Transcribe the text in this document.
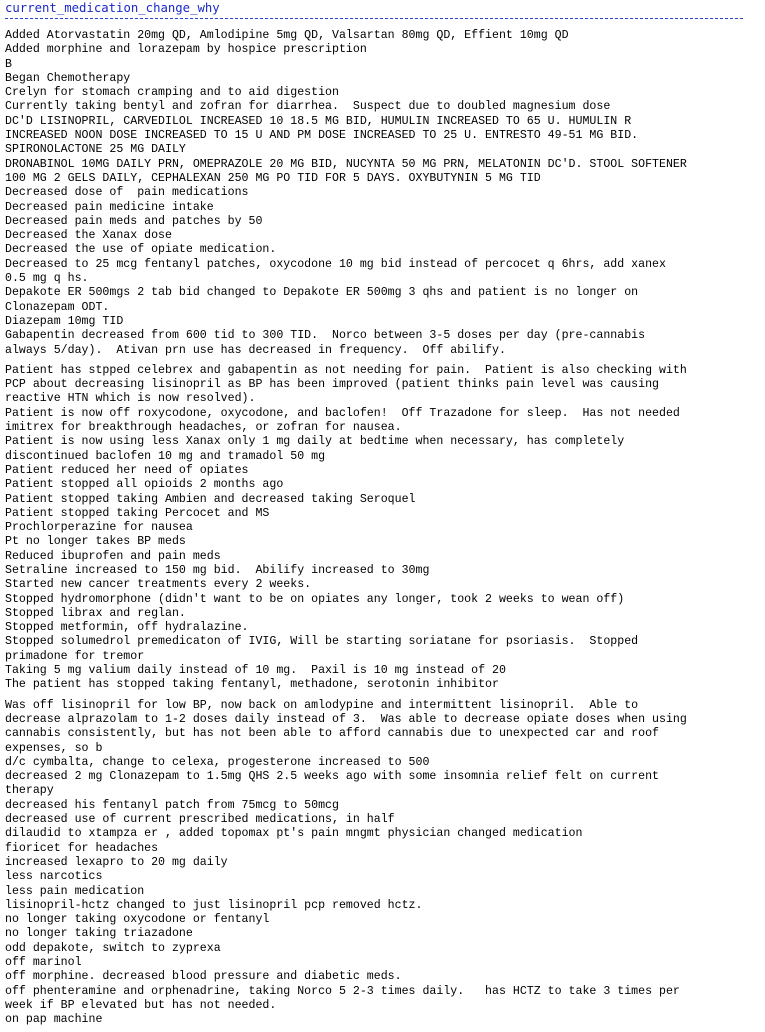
current_medication_change_why
Added Atorvastatin 20mg QD, Amlodipine 5mg QD, Valsartan 80mg QD, Effient 10mg QD
Added morphine and lorazepam by hospice prescription
B
Began Chemotherapy
Crelyn for stomach cramping and to aid digestion
Currently taking bentyl and zofran for diarrhea.  Suspect due to doubled magnesium dose
DC'D LISINOPRIL, CARVEDILOL INCREASED 10 18.5 MG BID, HUMULIN INCREASED TO 65 U. HUMULIN R
INCREASED NOON DOSE INCREASED TO 15 U AND PM DOSE INCREASED TO 25 U. ENTRESTO 49-51 MG BID.
SPIRONOLACTONE 25 MG DAILY
DRONABINOL 10MG DAILY PRN, OMEPRAZOLE 20 MG BID, NUCYNTA 50 MG PRN, MELATONIN DC'D. STOOL SOFTENER
100 MG 2 GELS DAILY, CEPHALEXAN 250 MG PO TID FOR 5 DAYS. OXYBUTYNIN 5 MG TID
Decreased dose of  pain medications
Decreased pain medicine intake
Decreased pain meds and patches by 50
Decreased the Xanax dose
Decreased the use of opiate medication.
Decreased to 25 mcg fentanyl patches, oxycodone 10 mg bid instead of percocet q 6hrs, add xanex
0.5 mg q hs.
Depakote ER 500mgs 2 tab bid changed to Depakote ER 500mg 3 qhs and patient is no longer on
Clonazepam ODT.
Diazepam 10mg TID
Gabapentin decreased from 600 tid to 300 TID.  Norco between 3-5 doses per day (pre-cannabis
always 5/day).  Ativan prn use has decreased in frequency.  Off abilify.
Patient has stpped celebrex and gabapentin as not needing for pain.  Patient is also checking with
PCP about decreasing lisinopril as BP has been improved (patient thinks pain level was causing
reactive HTN which is now resolved).
Patient is now off roxycodone, oxycodone, and baclofen!  Off Trazadone for sleep.  Has not needed
imitrex for breakthrough headaches, or zofran for nausea.
Patient is now using less Xanax only 1 mg daily at bedtime when necessary, has completely
discontinued baclofen 10 mg and tramadol 50 mg
Patient reduced her need of opiates
Patient stopped all opioids 2 months ago
Patient stopped taking Ambien and decreased taking Seroquel
Patient stopped taking Percocet and MS
Prochlorperazine for nausea
Pt no longer takes BP meds
Reduced ibuprofen and pain meds
Setraline increased to 150 mg bid.  Abilify increased to 30mg
Started new cancer treatments every 2 weeks.
Stopped hydromorphone (didn't want to be on opiates any longer, took 2 weeks to wean off)
Stopped librax and reglan.
Stopped metformin, off hydralazine.
Stopped solumedrol premedicaton of IVIG, Will be starting soriatane for psoriasis.  Stopped
primadone for tremor
Taking 5 mg valium daily instead of 10 mg.  Paxil is 10 mg instead of 20
The patient has stopped taking fentanyl, methadone, serotonin inhibitor
Was off lisinopril for low BP, now back on amlodypine and intermittent lisinopril.  Able to
decrease alprazolam to 1-2 doses daily instead of 3.  Was able to decrease opiate doses when using
cannabis consistently, but has not been able to afford cannabis due to unexpected car and roof
expenses, so b
d/c cymbalta, change to celexa, progesterone increased to 500
decreased 2 mg Clonazepam to 1.5mg QHS 2.5 weeks ago with some insomnia relief felt on current
therapy
decreased his fentanyl patch from 75mcg to 50mcg
decreased use of current prescribed medications, in half
dilaudid to xtampza er , added topomax pt's pain mngmt physician changed medication
fioricet for headaches
increased lexapro to 20 mg daily
less narcotics
less pain medication
lisinopril-hctz changed to just lisinopril pcp removed hctz.
no longer taking oxycodone or fentanyl
no longer taking triazadone
odd depakote, switch to zyprexa
off marinol
off morphine. decreased blood pressure and diabetic meds.
off phenteramine and orphenadrine, taking Norco 5 2-3 times daily.   has HCTZ to take 3 times per
week if BP elevated but has not needed.
on pap machine
